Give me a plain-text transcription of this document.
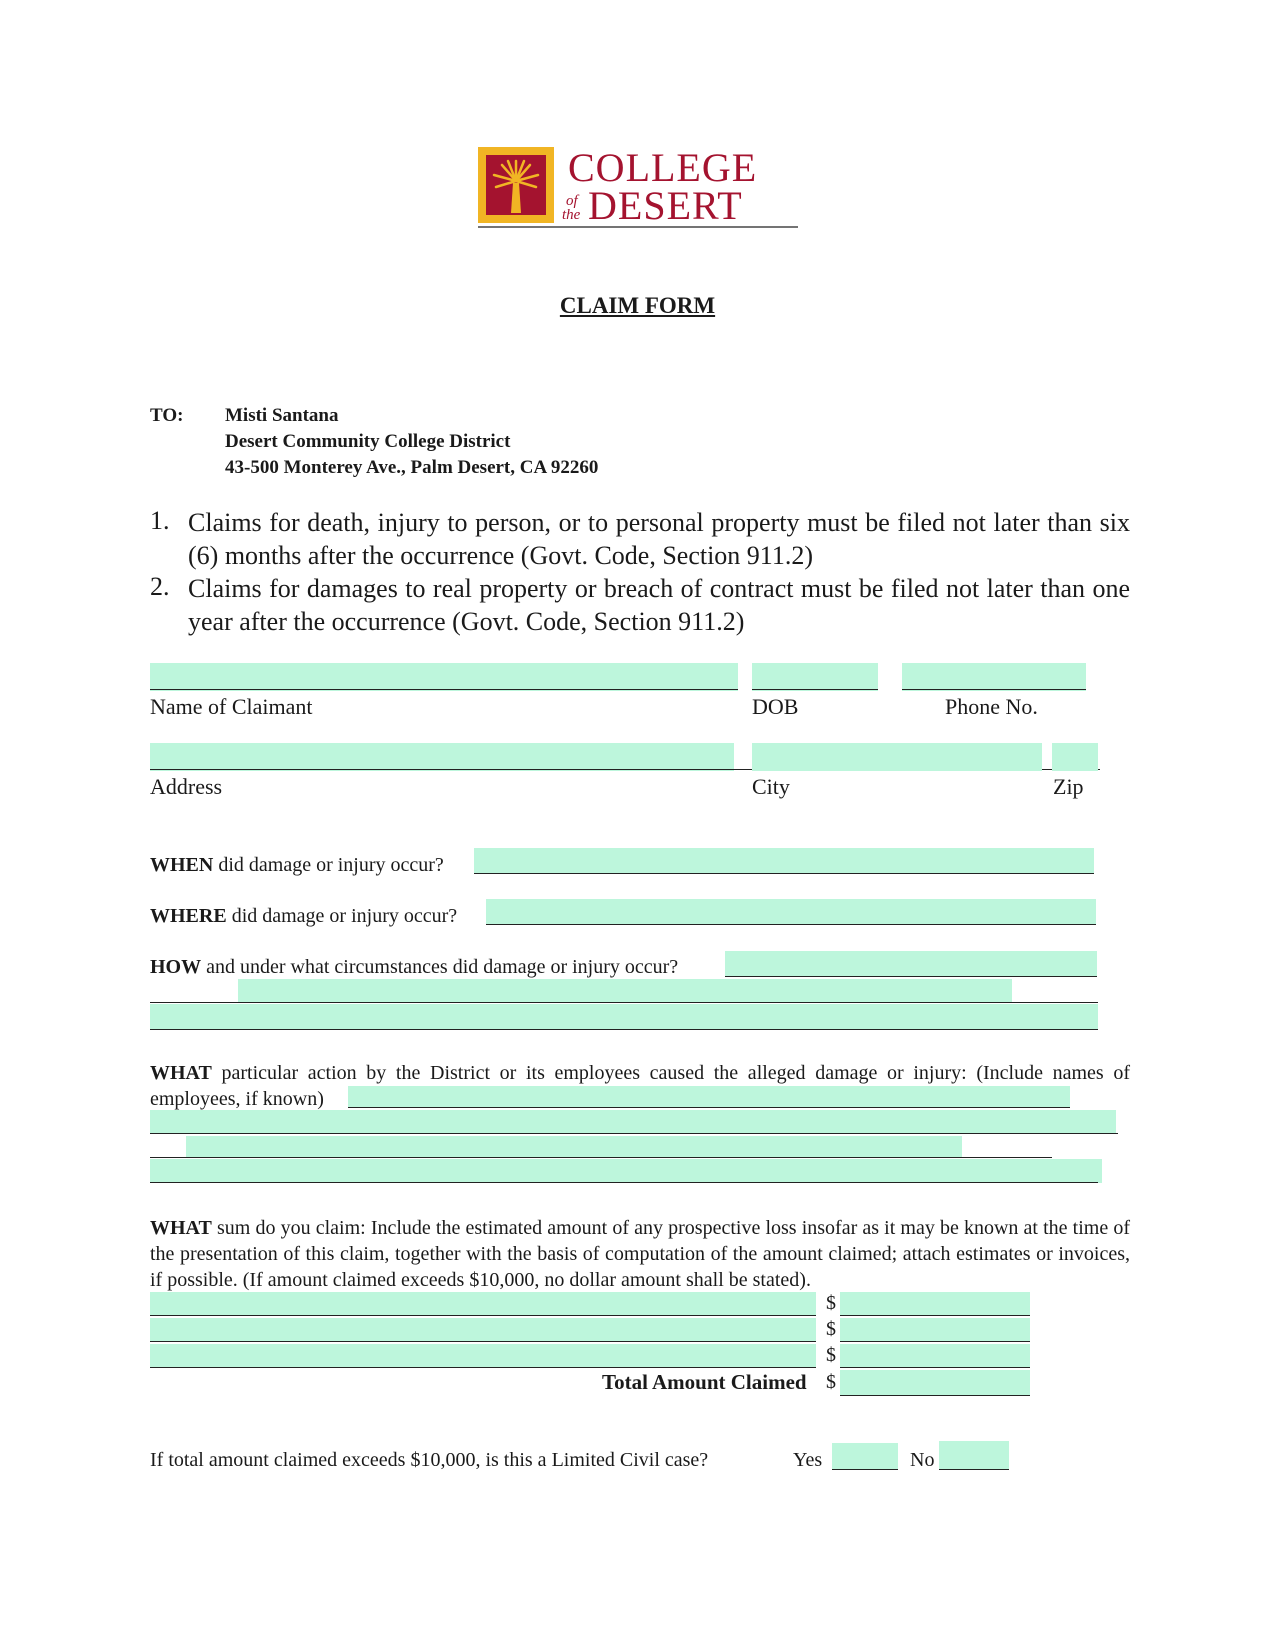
COLLEGE
of
the DESERT
CLAIM FORM
TO: Misti Santana
Desert Community College District
43-500 Monterey Ave., Palm Desert, CA 92260
1. Claims for death, injury to person, or to personal property must be filed not later than six (6) months after the occurrence (Govt. Code, Section 911.2)
2. Claims for damages to real property or breach of contract must be filed not later than one year after the occurrence (Govt. Code, Section 911.2)
Name of Claimant	DOB	Phone No.
Address	City	Zip
WHEN did damage or injury occur?
WHERE did damage or injury occur?
HOW and under what circumstances did damage or injury occur?
WHAT particular action by the District or its employees caused the alleged damage or injury: (Include names of employees, if known)
WHAT sum do you claim: Include the estimated amount of any prospective loss insofar as it may be known at the time of the presentation of this claim, together with the basis of computation of the amount claimed; attach estimates or invoices, if possible. (If amount claimed exceeds $10,000, no dollar amount shall be stated).
$
$
$
Total Amount Claimed $
If total amount claimed exceeds $10,000, is this a Limited Civil case?	Yes	No
